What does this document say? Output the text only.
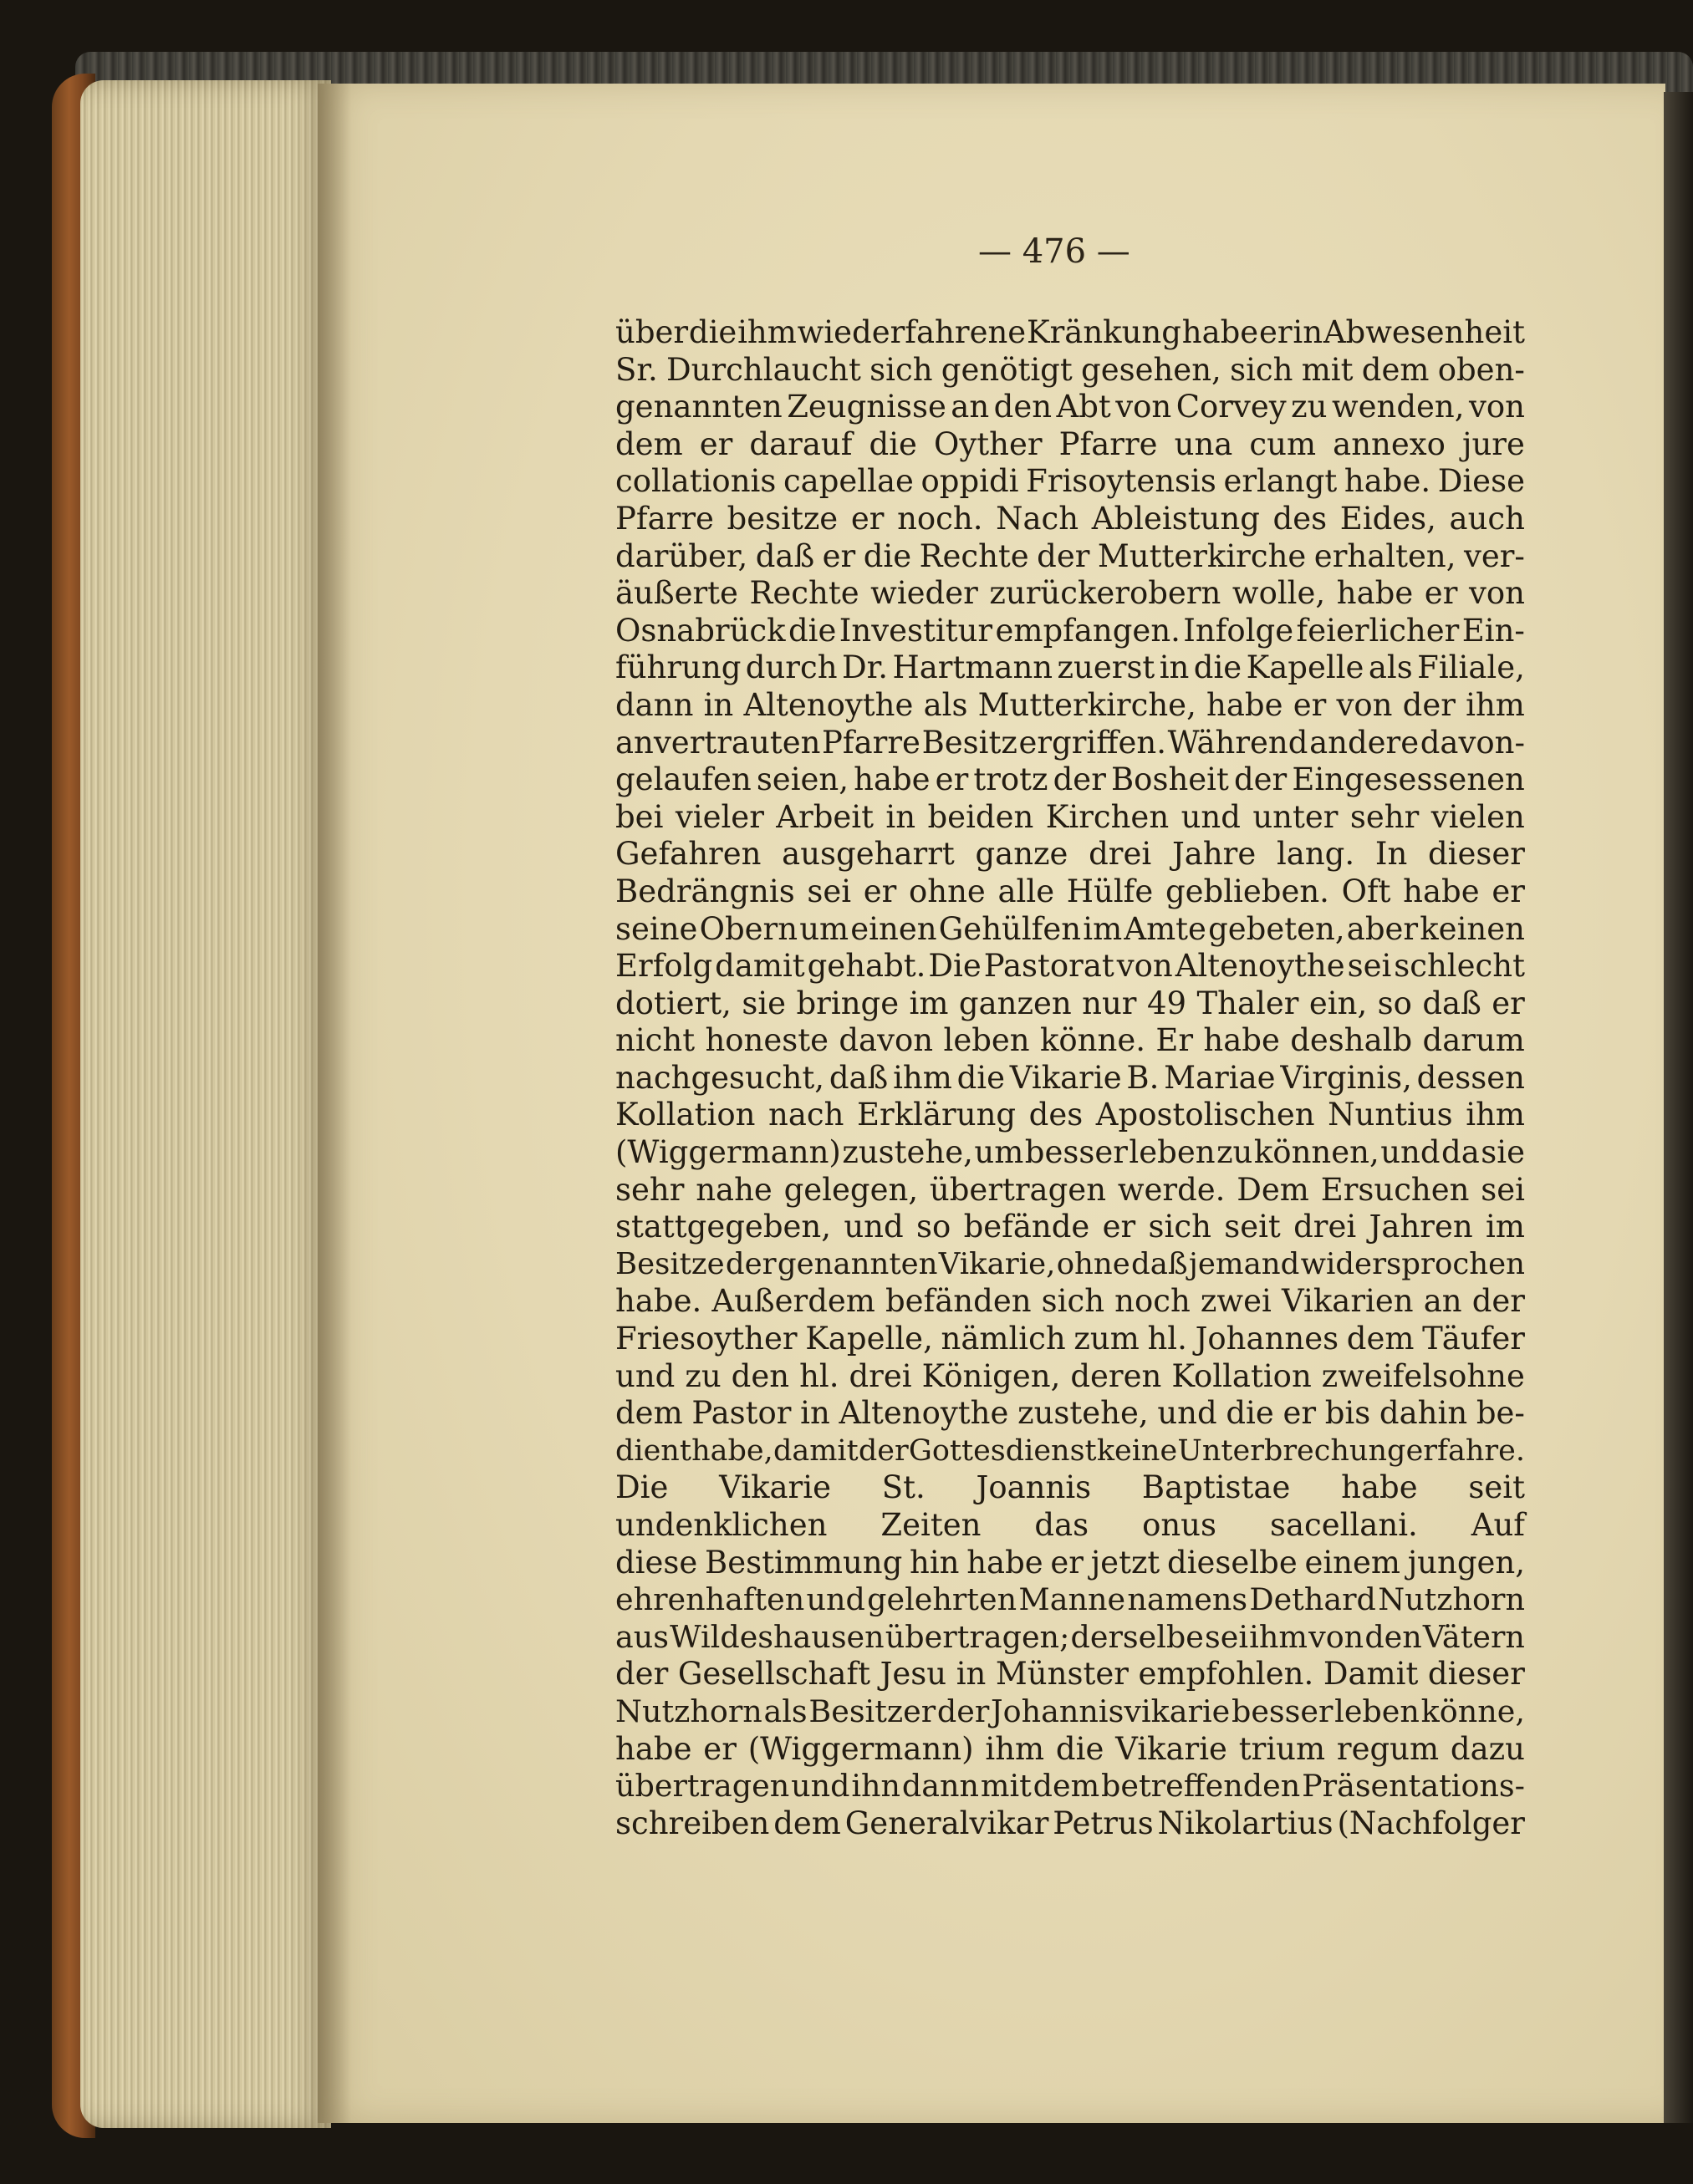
— 476 —
über die ihm wiederfahrene Kränkung habe er in Abwesenheit
Sr. Durchlaucht sich genötigt gesehen, sich mit dem oben-
genannten Zeugnisse an den Abt von Corvey zu wenden, von
dem er darauf die Oyther Pfarre una cum annexo jure
collationis capellae oppidi Frisoytensis erlangt habe. Diese
Pfarre besitze er noch. Nach Ableistung des Eides, auch
darüber, daß er die Rechte der Mutterkirche erhalten, ver-
äußerte Rechte wieder zurückerobern wolle, habe er von
Osnabrück die Investitur empfangen. Infolge feierlicher Ein-
führung durch Dr. Hartmann zuerst in die Kapelle als Filiale,
dann in Altenoythe als Mutterkirche, habe er von der ihm
anvertrauten Pfarre Besitz ergriffen. Während andere davon-
gelaufen seien, habe er trotz der Bosheit der Eingesessenen
bei vieler Arbeit in beiden Kirchen und unter sehr vielen
Gefahren ausgeharrt ganze drei Jahre lang. In dieser
Bedrängnis sei er ohne alle Hülfe geblieben. Oft habe er
seine Obern um einen Gehülfen im Amte gebeten, aber keinen
Erfolg damit gehabt. Die Pastorat von Altenoythe sei schlecht
dotiert, sie bringe im ganzen nur 49 Thaler ein, so daß er
nicht honeste davon leben könne. Er habe deshalb darum
nachgesucht, daß ihm die Vikarie B. Mariae Virginis, dessen
Kollation nach Erklärung des Apostolischen Nuntius ihm
(Wiggermann) zustehe, um besser leben zu können, und da sie
sehr nahe gelegen, übertragen werde. Dem Ersuchen sei
stattgegeben, und so befände er sich seit drei Jahren im
Besitze der genannten Vikarie, ohne daß jemand widersprochen
habe. Außerdem befänden sich noch zwei Vikarien an der
Friesoyther Kapelle, nämlich zum hl. Johannes dem Täufer
und zu den hl. drei Königen, deren Kollation zweifelsohne
dem Pastor in Altenoythe zustehe, und die er bis dahin be-
dient habe, damit der Gottesdienst keine Unterbrechung erfahre.
Die Vikarie St. Joannis Baptistae habe seit
undenklichen Zeiten das onus sacellani. Auf
diese Bestimmung hin habe er jetzt dieselbe einem jungen,
ehrenhaften und gelehrten Manne namens Dethard Nutzhorn
aus Wildeshausen übertragen; derselbe sei ihm von den Vätern
der Gesellschaft Jesu in Münster empfohlen. Damit dieser
Nutzhorn als Besitzer der Johannisvikarie besser leben könne,
habe er (Wiggermann) ihm die Vikarie trium regum dazu
übertragen und ihn dann mit dem betreffenden Präsentations-
schreiben dem Generalvikar Petrus Nikolartius (Nachfolger
